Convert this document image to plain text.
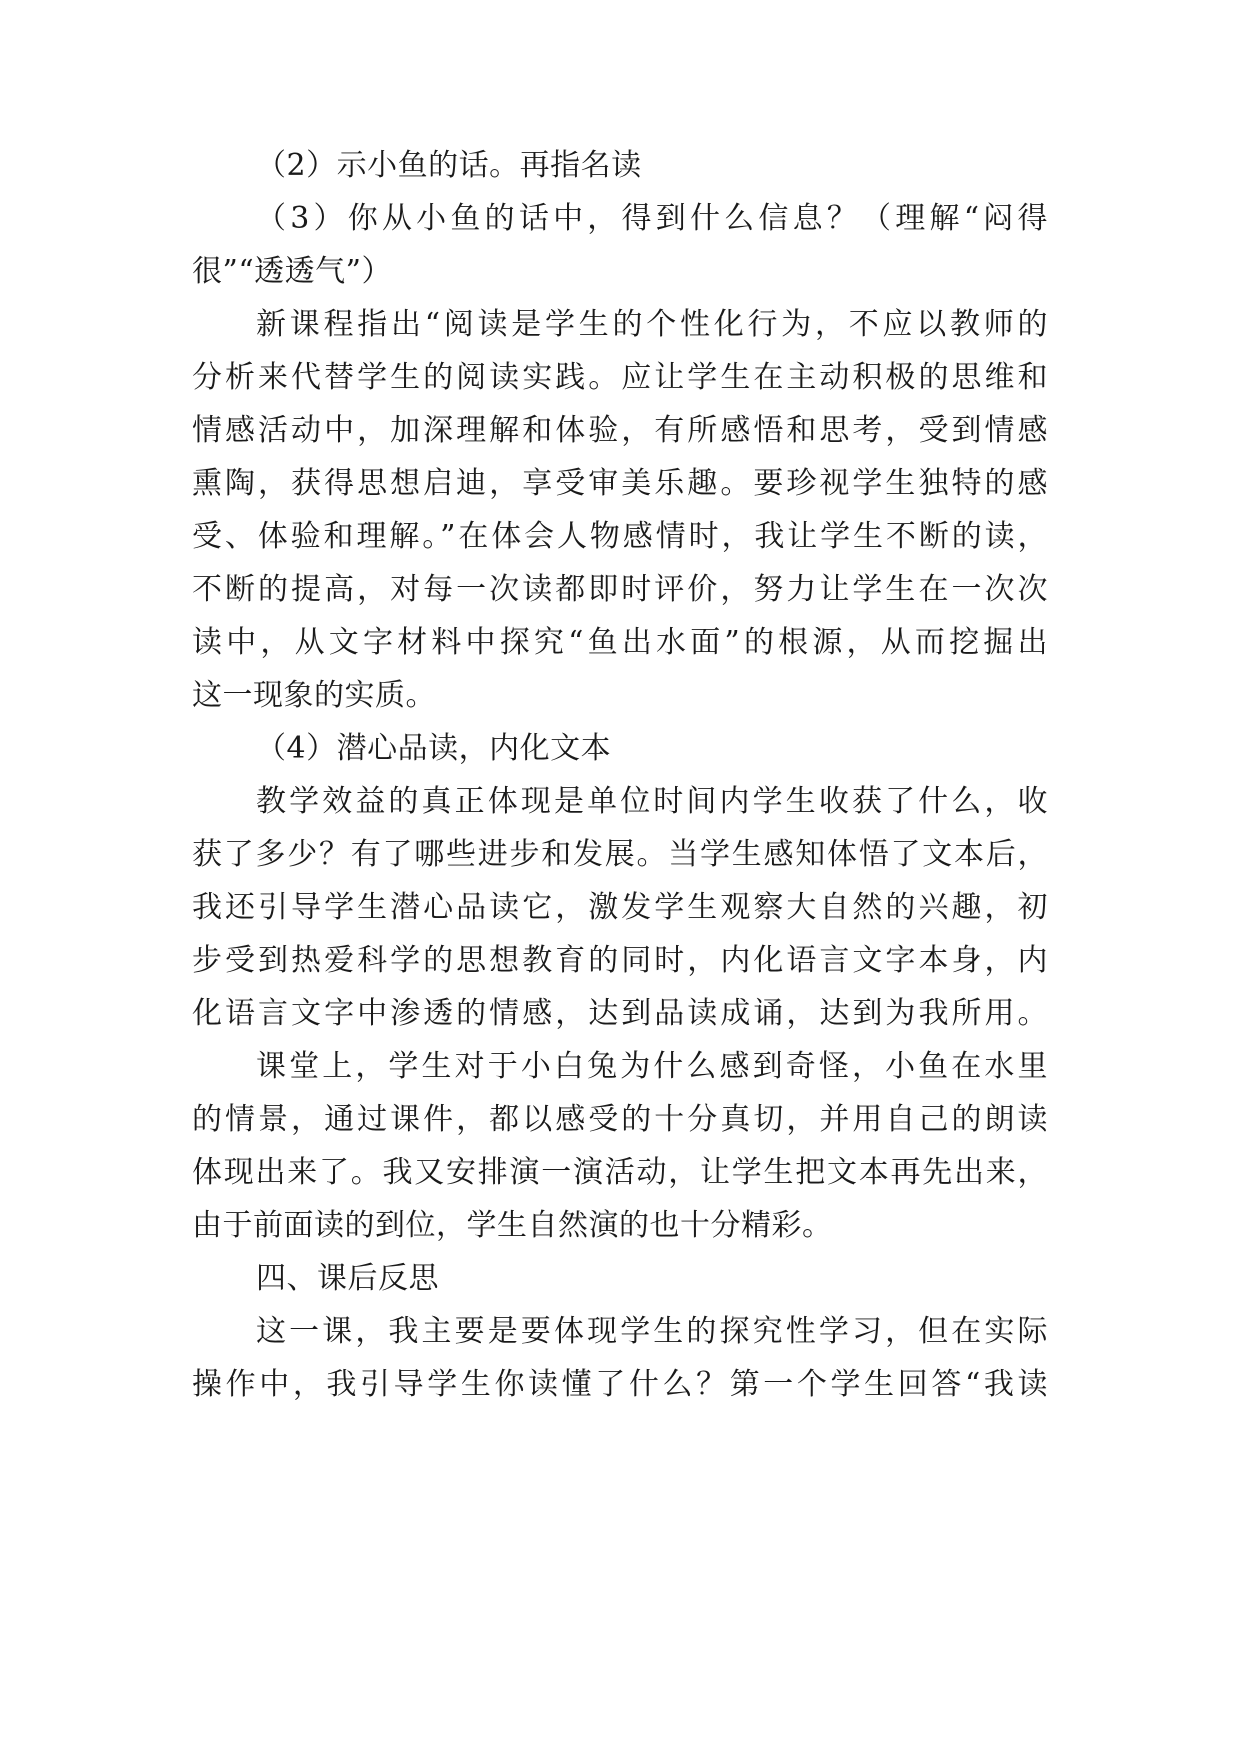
（2）示小鱼的话。再指名读
（3）你从小鱼的话中，得到什么信息？（理解“闷得
很”“透透气”）
新课程指出“阅读是学生的个性化行为，不应以教师的
分析来代替学生的阅读实践。应让学生在主动积极的思维和
情感活动中，加深理解和体验，有所感悟和思考，受到情感
熏陶，获得思想启迪，享受审美乐趣。要珍视学生独特的感
受、体验和理解。”在体会人物感情时，我让学生不断的读，
不断的提高，对每一次读都即时评价，努力让学生在一次次
读中，从文字材料中探究“鱼出水面”的根源，从而挖掘出
这一现象的实质。
（4）潜心品读，内化文本
教学效益的真正体现是单位时间内学生收获了什么，收
获了多少？有了哪些进步和发展。当学生感知体悟了文本后，
我还引导学生潜心品读它，激发学生观察大自然的兴趣，初
步受到热爱科学的思想教育的同时，内化语言文字本身，内
化语言文字中渗透的情感，达到品读成诵，达到为我所用。
课堂上，学生对于小白兔为什么感到奇怪，小鱼在水里
的情景，通过课件，都以感受的十分真切，并用自己的朗读
体现出来了。我又安排演一演活动，让学生把文本再先出来，
由于前面读的到位，学生自然演的也十分精彩。
四、课后反思
这一课，我主要是要体现学生的探究性学习，但在实际
操作中，我引导学生你读懂了什么？第一个学生回答“我读
